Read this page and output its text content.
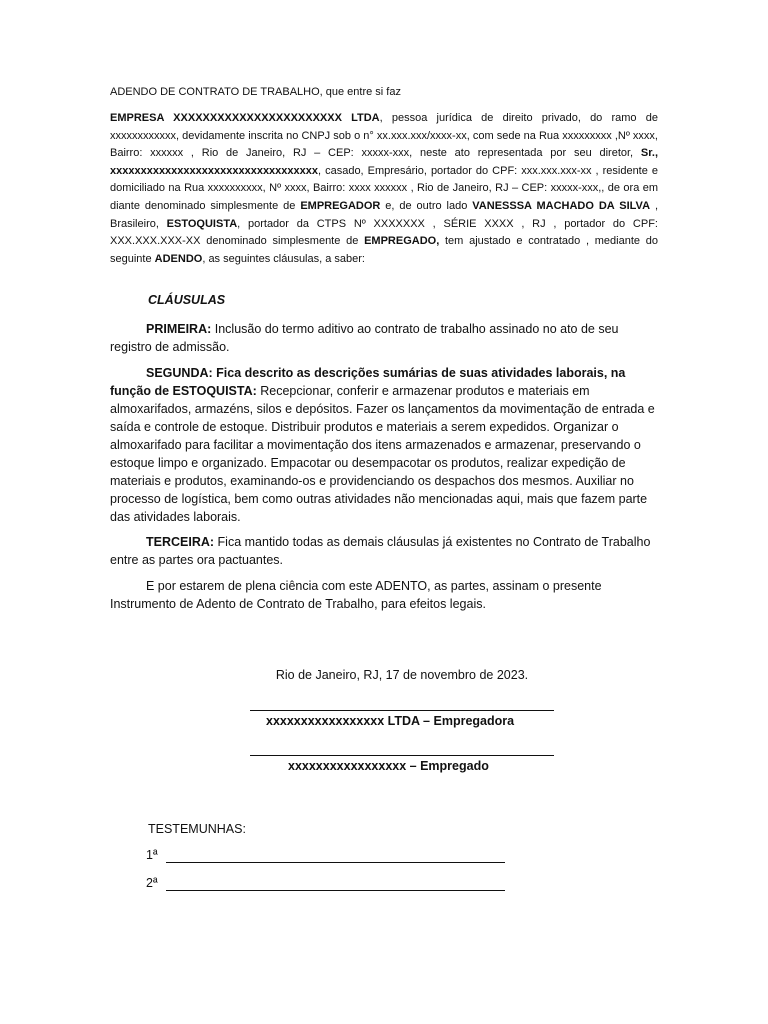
ADENDO DE CONTRATO DE TRABALHO, que entre si faz
EMPRESA XXXXXXXXXXXXXXXXXXXXXXX LTDA, pessoa jurídica de direito privado, do ramo de xxxxxxxxxxxx, devidamente inscrita no CNPJ sob o n° xx.xxx.xxx/xxxx-xx, com sede na Rua xxxxxxxxx ,Nº xxxx, Bairro: xxxxxx , Rio de Janeiro, RJ – CEP: xxxxx-xxx, neste ato representada por seu diretor, Sr., xxxxxxxxxxxxxxxxxxxxxxxxxxxxxxxxxx, casado, Empresário, portador do CPF: xxx.xxx.xxx-xx , residente e domiciliado na Rua xxxxxxxxxx, Nº xxxx, Bairro: xxxx xxxxxx , Rio de Janeiro, RJ – CEP: xxxxx-xxx,, de ora em diante denominado simplesmente de EMPREGADOR e, de outro lado VANESSSA MACHADO DA SILVA , Brasileiro, ESTOQUISTA, portador da CTPS Nº XXXXXXX , SÉRIE XXXX , RJ , portador do CPF: XXX.XXX.XXX-XX denominado simplesmente de EMPREGADO, tem ajustado e contratado , mediante do seguinte ADENDO, as seguintes cláusulas, a saber:
CLÁUSULAS
PRIMEIRA: Inclusão do termo aditivo ao contrato de trabalho assinado no ato de seu registro de admissão.
SEGUNDA: Fica descrito as descrições sumárias de suas atividades laborais, na função de ESTOQUISTA: Recepcionar, conferir e armazenar produtos e materiais em almoxarifados, armazéns, silos e depósitos. Fazer os lançamentos da movimentação de entrada e saída e controle de estoque. Distribuir produtos e materiais a serem expedidos. Organizar o almoxarifado para facilitar a movimentação dos itens armazenados e armazenar, preservando o estoque limpo e organizado. Empacotar ou desempacotar os produtos, realizar expedição de materiais e produtos, examinando-os e providenciando os despachos dos mesmos. Auxiliar no processo de logística, bem como outras atividades não mencionadas aqui, mais que fazem parte das atividades laborais.
TERCEIRA: Fica mantido todas as demais cláusulas já existentes no Contrato de Trabalho entre as partes ora pactuantes.
E por estarem de plena ciência com este ADENTO, as partes, assinam o presente Instrumento de Adento de Contrato de Trabalho, para efeitos legais.
Rio de Janeiro, RJ, 17 de novembro de 2023.
xxxxxxxxxxxxxxxxx LTDA – Empregadora
xxxxxxxxxxxxxxxxx – Empregado
TESTEMUNHAS:
1ª
2ª
